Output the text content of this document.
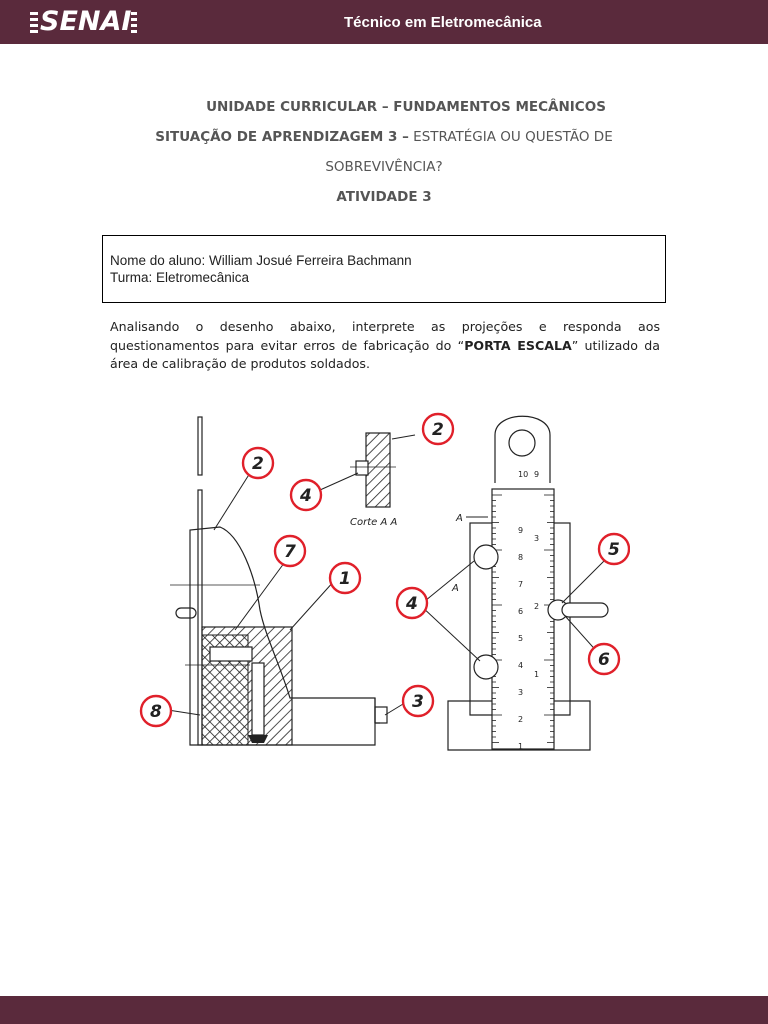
SENAI	Técnico em Eletromecânica
UNIDADE CURRICULAR – FUNDAMENTOS MECÂNICOS
SITUAÇÃO DE APRENDIZAGEM 3 – ESTRATÉGIA OU QUESTÃO DE
SOBREVIVÊNCIA?
ATIVIDADE 3
Nome do aluno: William Josué Ferreira Bachmann
Turma: Eletromecânica
Analisando o desenho abaixo, interprete as projeções e responda aos questionamentos para evitar erros de fabricação do “PORTA ESCALA” utilizado da área de calibração de produtos soldados.
Corte A A
9
8
7
6
5
4
3
2
1
3
2
1
10 9
A
A
1
2
2
3
4
4
5
6
7
8
